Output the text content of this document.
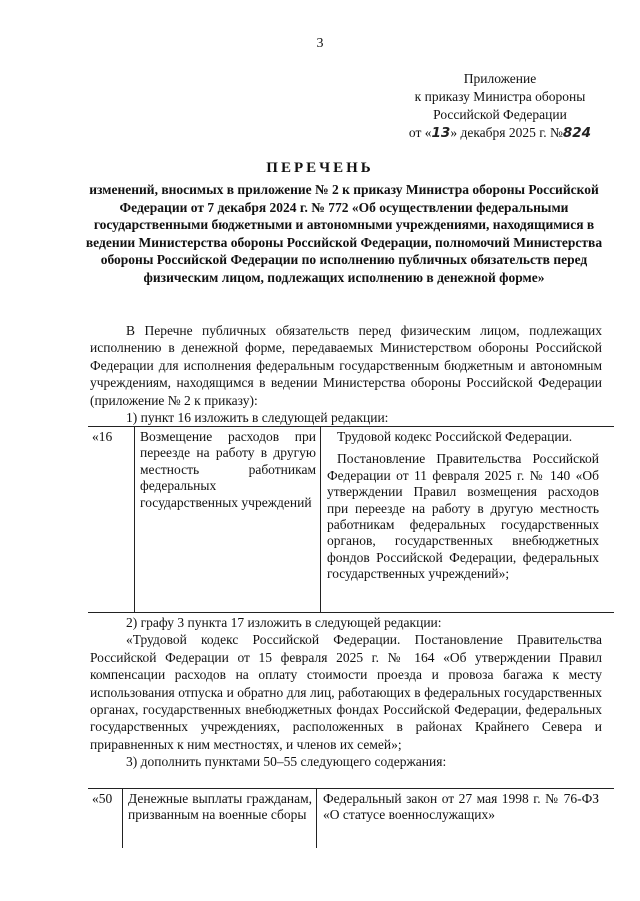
3
Приложение
к приказу Министра обороны
Российской Федерации
от «13» декабря 2025 г. №824
ПЕРЕЧЕНЬ
изменений, вносимых в приложение № 2 к приказу Министра обороны Российской Федерации от 7 декабря 2024 г. № 772 «Об осуществлении федеральными государственными бюджетными и автономными учреждениями, находящимися в ведении Министерства обороны Российской Федерации, полномочий Министерства обороны Российской Федерации по исполнению публичных обязательств перед физическим лицом, подлежащих исполнению в денежной форме»

В Перечне публичных обязательств перед физическим лицом, подлежащих исполнению в денежной форме, передаваемых Министерством обороны Российской Федерации для исполнения федеральным государственным бюджетным и автономным учреждениям, находящимся в ведении Министерства обороны Российской Федерации (приложение № 2 к приказу):

1) пункт 16 изложить в следующей редакции:

«16	Возмещение расходов при переезде на работу в другую местность работникам федеральных государственных учреждений

Трудовой кодекс Российской Федерации.

Постановление Правительства Российской Федерации от 11 февраля 2025 г. № 140 «Об утверждении Правил возмещения расходов при переезде на работу в другую местность работникам федеральных государственных органов, государственных внебюджетных фондов Российской Федерации, федеральных государственных учреждений»;

2) графу 3 пункта 17 изложить в следующей редакции:

«Трудовой кодекс Российской Федерации. Постановление Правительства Российской Федерации от 15 февраля 2025 г. № 164 «Об утверждении Правил компенсации расходов на оплату стоимости проезда и провоза багажа к месту использования отпуска и обратно для лиц, работающих в федеральных государственных органах, государственных внебюджетных фондах Российской Федерации, федеральных государственных учреждениях, расположенных в районах Крайнего Севера и приравненных к ним местностях, и членов их семей»;

3) дополнить пунктами 50–55 следующего содержания:

«50	Денежные выплаты гражданам, призванным на военные сборы
Федеральный закон от 27 мая 1998 г. № 76-ФЗ «О статусе военнослужащих»
